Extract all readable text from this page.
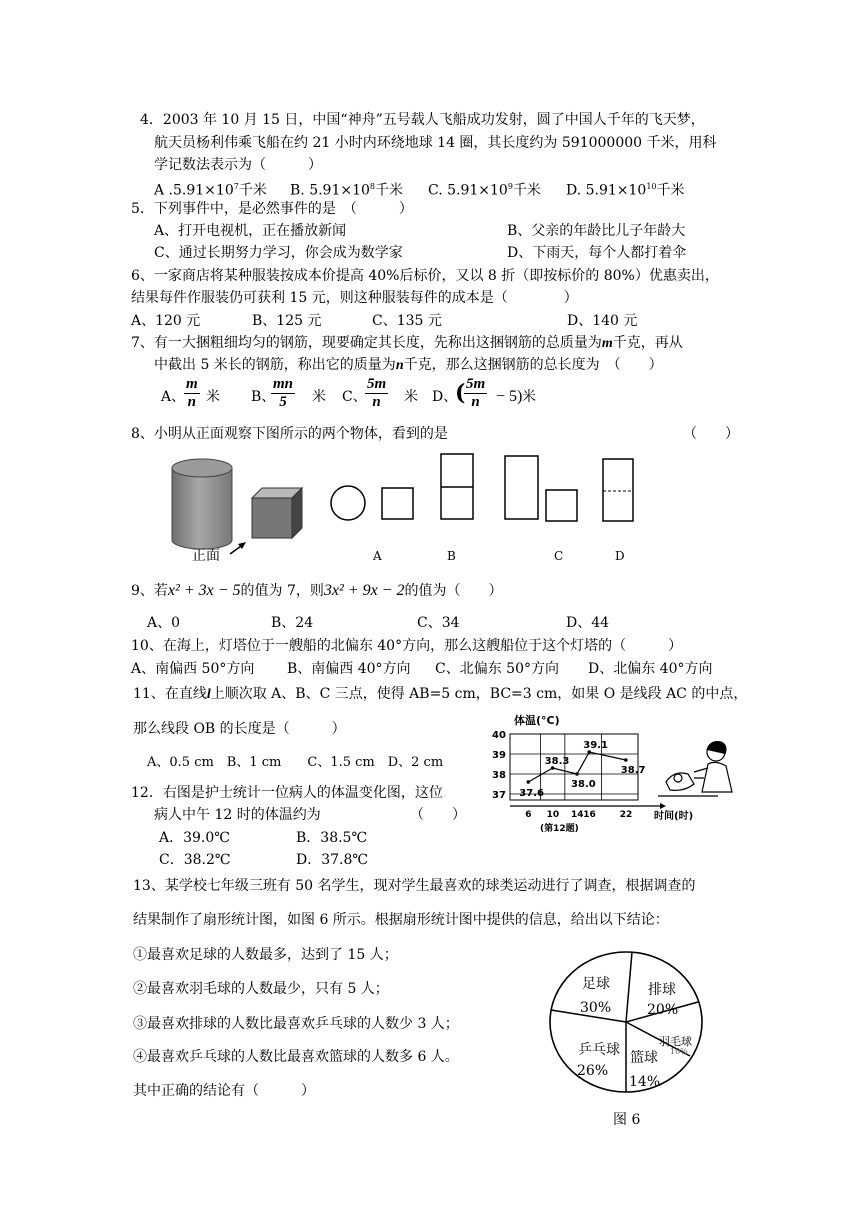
4．2003 年 10 月 15 日，中国“神舟”五号载人飞船成功发射，圆了中国人千年的飞天梦，
航天员杨利伟乘飞船在约 21 小时内环绕地球 14 圈，其长度约为 591000000 千米，用科
学记数法表示为（　　　）
A $.5.91\times 10^7$千米 B. $5.91\times 10^8$千米 C. $5.91\times 10^9$千米 D. $5.91\times 10^{10}$千米
5．下列事件中，是必然事件的是　（　　　）
A、打开电视机，正在播放新闻	B、父亲的年龄比儿子年龄大
C、通过长期努力学习，你会成为数学家	D、下雨天，每个人都打着伞
6、一家商店将某种服装按成本价提高 40%后标价，又以 8 折（即按标价的 80%）优惠卖出，
结果每件作服装仍可获利 15 元，则这种服装每件的成本是（　　　　）
A、120 元	B、125 元	C、135 元	D、140 元
7、有一大捆粗细均匀的钢筋，现要确定其长度，先称出这捆钢筋的总质量为m千克，再从
中截出 5 米长的钢筋，称出它的质量为n千克，那么这捆钢筋的总长度为　（　　）
A、
$\frac{m}{n}$ 米 B、
$\frac{mn}{5}$ 米 C、
$\frac{5m}{n}$ 米 D、
(
$\frac{5m}{n} - 5$) 米
8、小明从正面观察下图所示的两个物体，看到的是	（　　）
正面	A	B	C	D
9、若x² + 3x − 5的值为 7，则3x² + 9x − 2的值为（　　）
A、0	B、24	C、34	D、44
10、在海上，灯塔位于一艘船的北偏东 40°方向，那么这艘船位于这个灯塔的（　　　）
A、南偏西 50°方向 B、南偏西 40°方向 C、北偏东 50°方向 D、北偏东 40°方向
11、在直线l上顺次取 A、B、C 三点，使得 AB=5 cm，BC=3 cm，如果 O 是线段 AC 的中点，
那么线段 OB 的长度是（　　　）
A、0.5 cm　B、1 cm　　C、1.5 cm　D、2 cm
12．右图是护士统计一位病人的体温变化图，这位
病人中午 12 时的体温约为	（　　）
A．39.0℃	B．38.5℃
C．38.2℃	D．37.8℃
体温(°C)
37
38
39
40
6 10 14 16	22
37.6
38.3
38.0
39.1
38.7
时间(时)
(第12题)
13、某学校七年级三班有 50 名学生，现对学生最喜欢的球类运动进行了调查，根据调查的
结果制作了扇形统计图，如图 6 所示。根据扇形统计图中提供的信息，给出以下结论：
①最喜欢足球的人数最多，达到了 15 人；
②最喜欢羽毛球的人数最少，只有 5 人；
③最喜欢排球的人数比最喜欢乒乓球的人数少 3 人；
④最喜欢乒乓球的人数比最喜欢篮球的人数多 6 人。
其中正确的结论有（　　　）
足球
30%
排球
20%
羽毛球
10%
乒乓球
26%
篮球
14%
图 6
